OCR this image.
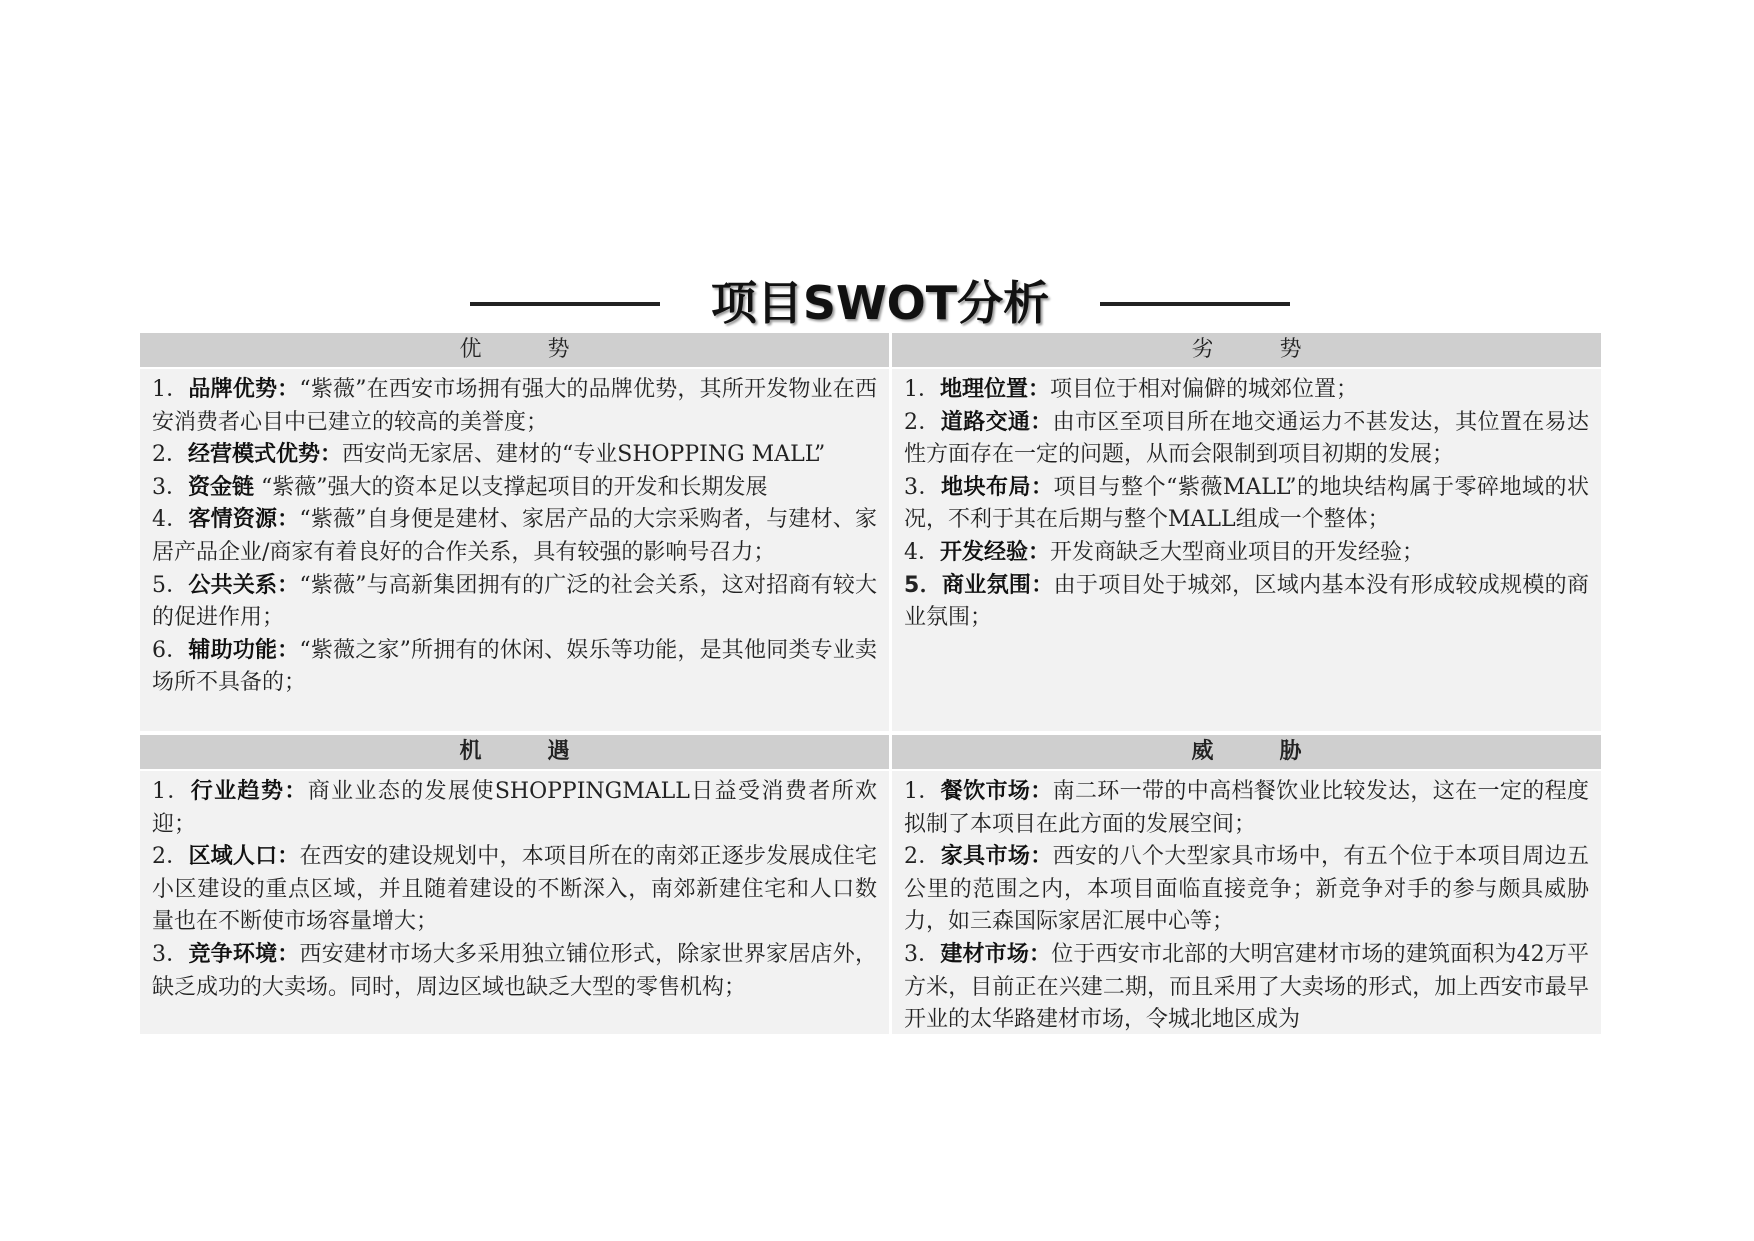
项目SWOT分析
优　　　势

1．品牌优势：“紫薇”在西安市场拥有强大的品牌优势，其所开发物业在西安消费者心目中已建立的较高的美誉度；

2．经营模式优势：西安尚无家居、建材的“专业SHOPPING MALL”

3．资金链 “紫薇”强大的资本足以支撑起项目的开发和长期发展

4．客情资源：“紫薇”自身便是建材、家居产品的大宗采购者，与建材、家居产品企业/商家有着良好的合作关系，具有较强的影响号召力；

5．公共关系：“紫薇”与高新集团拥有的广泛的社会关系，这对招商有较大的促进作用；

6．辅助功能：“紫薇之家”所拥有的休闲、娱乐等功能，是其他同类专业卖场所不具备的；

劣　　　势

1．地理位置：项目位于相对偏僻的城郊位置；

2．道路交通：由市区至项目所在地交通运力不甚发达，其位置在易达性方面存在一定的问题，从而会限制到项目初期的发展；

3．地块布局：项目与整个“紫薇MALL”的地块结构属于零碎地域的状况，不利于其在后期与整个MALL组成一个整体；

4．开发经验：开发商缺乏大型商业项目的开发经验；

5．商业氛围：由于项目处于城郊，区域内基本没有形成较成规模的商业氛围；

机　　　遇

1．行业趋势：商业业态的发展使SHOPPINGMALL日益受消费者所欢迎；

2．区域人口：在西安的建设规划中，本项目所在的南郊正逐步发展成住宅小区建设的重点区域，并且随着建设的不断深入，南郊新建住宅和人口数量也在不断使市场容量增大；

3．竞争环境：西安建材市场大多采用独立铺位形式，除家世界家居店外，缺乏成功的大卖场。同时，周边区域也缺乏大型的零售机构；

威　　　胁

1．餐饮市场：南二环一带的中高档餐饮业比较发达，这在一定的程度拟制了本项目在此方面的发展空间；

2．家具市场：西安的八个大型家具市场中，有五个位于本项目周边五公里的范围之内，本项目面临直接竞争；新竞争对手的参与颇具威胁力，如三森国际家居汇展中心等；

3．建材市场：位于西安市北部的大明宫建材市场的建筑面积为42万平方米，目前正在兴建二期，而且采用了大卖场的形式，加上西安市最早开业的太华路建材市场，令城北地区成为
